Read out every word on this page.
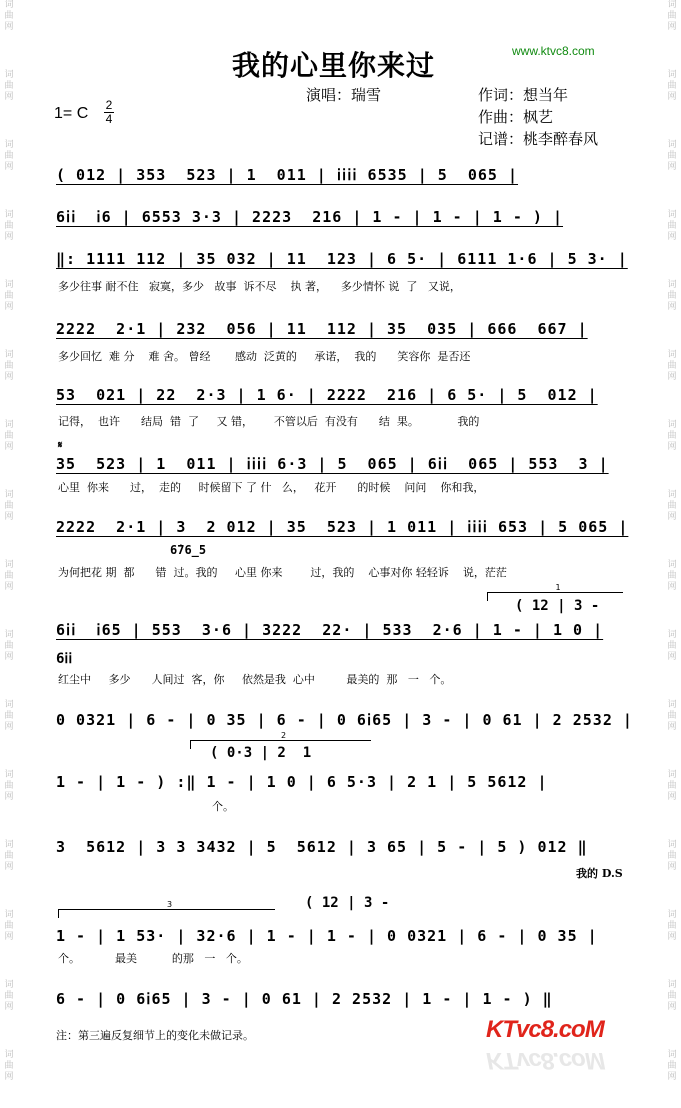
词曲网
词曲网
词曲网
词曲网
词曲网
词曲网
词曲网
词曲网
词曲网
词曲网
词曲网
词曲网
词曲网
词曲网
词曲网
词曲网
词曲网
词曲网
词曲网
词曲网
词曲网
词曲网
词曲网
词曲网
词曲网
词曲网
词曲网
词曲网
词曲网
词曲网
词曲网
词曲网
www.ktvc8.com
我的心里你来过
演唱：瑞雪	作词：想当年
作曲：枫艺
记谱：桃李醉春风
1= C 2
4
( 012 | 353  523 | 1  011 | ⅰⅰⅰⅰ 6535 | 5  065 |
6ⅰⅰ  ⅰ6 | 6553 3·3 | 2223  216 | 1 - | 1 - | 1 - ) |
‖: 1111 112 | 35 032 | 11  123 | 6 5· | 6111 1·6 | 5 3· |
多少往事 耐不住   寂寞，多少   故事  诉不尽    执 著，    多少情怀 说  了   又说，
2222  2·1 | 232  056 | 11  112 | 35  035 | 666  667 |
多少回忆  难 分    难 舍。 曾经       感动  泛黄的     承诺，  我的      笑容你  是否还
53  021 | 22  2·3 | 1 6· | 2222  216 | 6 5· | 5  012 |
记得，  也许      结局  错  了     又 错，      不管以后  有没有      结  果。           我的
𝄋
35  523 | 1  011 | ⅰⅰⅰⅰ 6·3 | 5  065 | 6ⅰⅰ  065 | 553  3 |
心里  你来      过，  走的     时候留下 了 什   么，   花开      的时候    问问    你和我，
2222  2·1 | 3  2 012 | 35  523 | 1 011 | ⅰⅰⅰⅰ 653 | 5 065 |
6̇76̲5
为何把花 期  都      错  过。我的     心里 你来        过，我的    心事对你 轻轻诉    说，茫茫
1
( 12 | 3 -
6ⅰⅰ  ⅰ65 | 553  3·6 | 3222  22· | 533  2·6 | 1 - | 1 0 |
6ⅰⅰ
红尘中     多少      人间过  客，你     依然是我  心中         最美的  那   一   个。
0 0321 | 6 - | 0 35 | 6 - | 0 6ⅰ65 | 3 - | 0 61 | 2 2532 |
2
( 0·3 | 2  1
1 - | 1 - ) :‖ 1 - | 1 0 | 6 5·3 | 2 1 | 5 5612 |
个。
3  5612 | 3 3 3432 | 5  5612 | 3 65 | 5 - | 5 ) 012 ‖
我的 D.S
3	( 12 | 3 -
1 - | 1 53· | 32·6 | 1 - | 1 - | 0 0321 | 6 - | 0 35 |
个。          最美          的那   一   个。
6 - | 0 6ⅰ65 | 3 - | 0 61 | 2 2532 | 1 - | 1 - ) ‖
注：第三遍反复细节上的变化未做记录。	KTvc8.coM
KTvc8.coM
